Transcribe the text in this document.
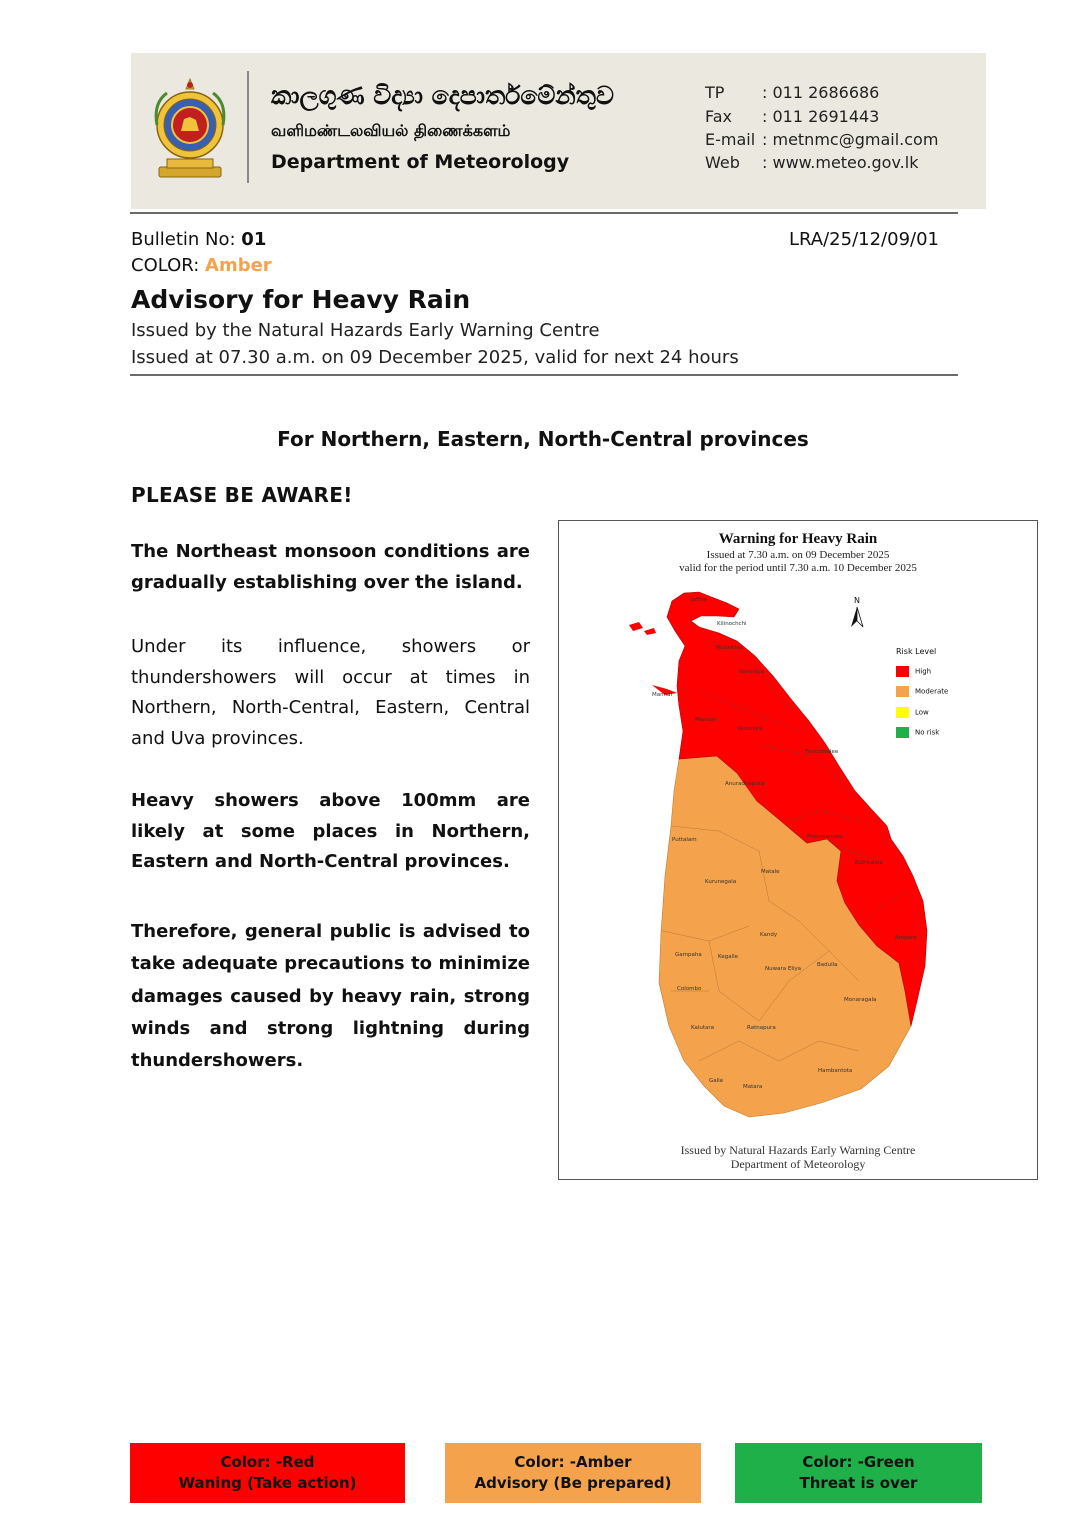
කාලගුණ විද්‍යා දෙපාර්තමේන්තුව
வளிமண்டலவியல் திணைக்களம்
Department of Meteorology
TP : 011 2686686
Fax : 011 2691443
E-mail : metnmc@gmail.com
Web : www.meteo.gov.lk
Bulletin No: 01	LRA/25/12/09/01
COLOR: Amber
Advisory for Heavy Rain
Issued by the Natural Hazards Early Warning Centre
Issued at 07.30 a.m. on 09 December 2025, valid for next 24 hours
For Northern, Eastern, North-Central provinces
PLEASE BE AWARE!
The Northeast monsoon conditions are gradually establishing over the island.
Under its influence, showers or thundershowers will occur at times in Northern, North-Central, Eastern, Central and Uva provinces.
Heavy showers above 100mm are likely at some places in Northern, Eastern and North-Central provinces.
Therefore, general public is advised to take adequate precautions to minimize damages caused by heavy rain, strong winds and strong lightning during thundershowers.
Warning for Heavy Rain
Issued at 7.30 a.m. on 09 December 2025
valid for the period until 7.30 a.m. 10 December 2025
N
Jaffna
Kilinochchi
Mullaitivu
Mannar
Vavuniya
Mannar
Vavuniya
Trincomalee
Anuradhapura
Puttalam	Polonnaruwa
Batticaloa
Kurunegala
Matale
Kandy	Ampara
Gampaha	Kegalle
Nuwara Eliya
Badulla
Colombo
Monaragala
Kalutara	Ratnapura
Hambantota
Galle
Matara
Risk Level
High
Moderate
Low
No risk
Issued by Natural Hazards Early Warning Centre
Department of Meteorology
Color: -Red
Waning (Take action)
Color: -Amber
Advisory (Be prepared)
Color: -Green
Threat is over
